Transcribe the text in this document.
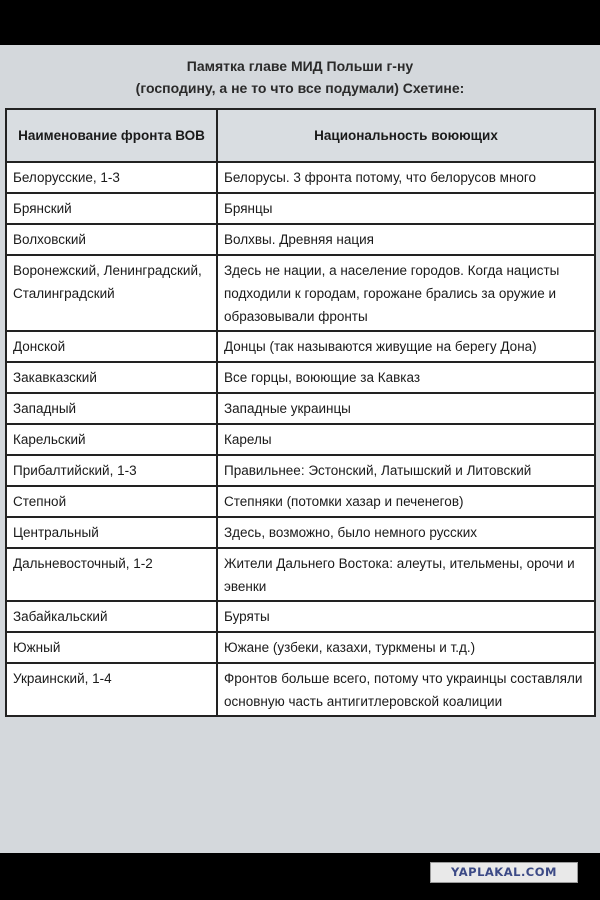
Памятка главе МИД Польши г-ну
(господину, а не то что все подумали) Схетине:
Наименование фронта ВОВ	Национальность воюющих
Белорусские, 1-3	Белорусы. 3 фронта потому, что белорусов много
Брянский	Брянцы
Волховский	Волхвы. Древняя нация
Воронежский, Ленинградский, Сталинградский	Здесь не нации, а население городов. Когда нацисты подходили к городам, горожане брались за оружие и образовывали фронты
Донской	Донцы (так называются живущие на берегу Дона)
Закавказский	Все горцы, воюющие за Кавказ
Западный	Западные украинцы
Карельский	Карелы
Прибалтийский, 1-3	Правильнее: Эстонский, Латышский и Литовский
Степной	Степняки (потомки хазар и печенегов)
Центральный	Здесь, возможно, было немного русских
Дальневосточный, 1-2	Жители Дальнего Востока: алеуты, ительмены, орочи и эвенки
Забайкальский	Буряты
Южный	Южане (узбеки, казахи, туркмены и т.д.)
Украинский, 1-4	Фронтов больше всего, потому что украинцы составляли основную часть антигитлеровской коалиции
YAPLAKAL.COM
